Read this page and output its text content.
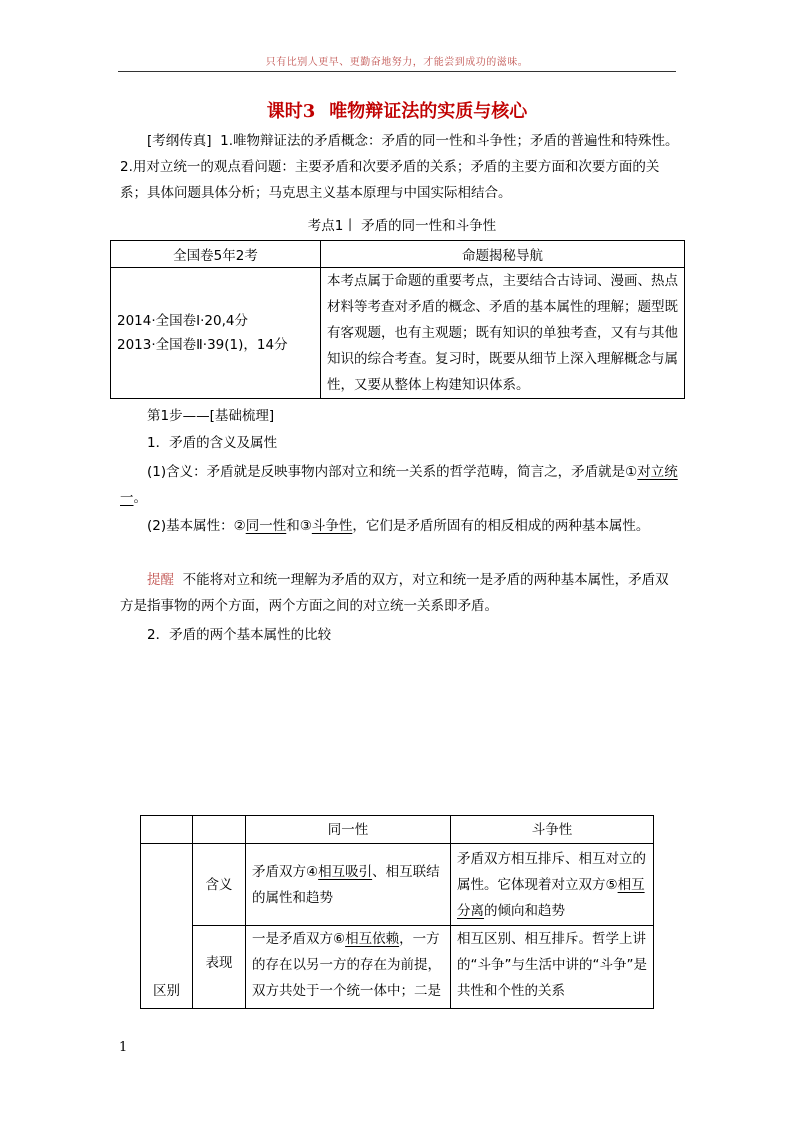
只有比别人更早、更勤奋地努力，才能尝到成功的滋味。
课时3 唯物辩证法的实质与核心
[考纲传真] 1.唯物辩证法的矛盾概念：矛盾的同一性和斗争性；矛盾的普遍性和特殊性。2.用对立统一的观点看问题：主要矛盾和次要矛盾的关系；矛盾的主要方面和次要方面的关系；具体问题具体分析；马克思主义基本原理与中国实际相结合。
考点1丨 矛盾的同一性和斗争性
全国卷5年2考	命题揭秘导航

2014·全国卷Ⅰ·20,4分
2013·全国卷Ⅱ·39(1)，14分	本考点属于命题的重要考点，主要结合古诗词、漫画、热点材料等考查对矛盾的概念、矛盾的基本属性的理解；题型既有客观题，也有主观题；既有知识的单独考查，又有与其他知识的综合考查。复习时，既要从细节上深入理解概念与属性，又要从整体上构建知识体系。
第1步——[基础梳理]
1．矛盾的含义及属性
(1)含义：矛盾就是反映事物内部对立和统一关系的哲学范畴，简言之，矛盾就是①对立统一。
(2)基本属性：②同一性和③斗争性，它们是矛盾所固有的相反相成的两种基本属性。
提醒 不能将对立和统一理解为矛盾的双方，对立和统一是矛盾的两种基本属性，矛盾双方是指事物的两个方面，两个方面之间的对立统一关系即矛盾。
2．矛盾的两个基本属性的比较
		同一性	斗争性
区别	含义	矛盾双方④相互吸引、相互联结的属性和趋势	矛盾双方相互排斥、相互对立的属性。它体现着对立双方⑤相互分离的倾向和趋势
	表现	一是矛盾双方⑥相互依赖，一方的存在以另一方的存在为前提，双方共处于一个统一体中；二是	相互区别、相互排斥。哲学上讲的“斗争”与生活中讲的“斗争”是共性和个性的关系
1
